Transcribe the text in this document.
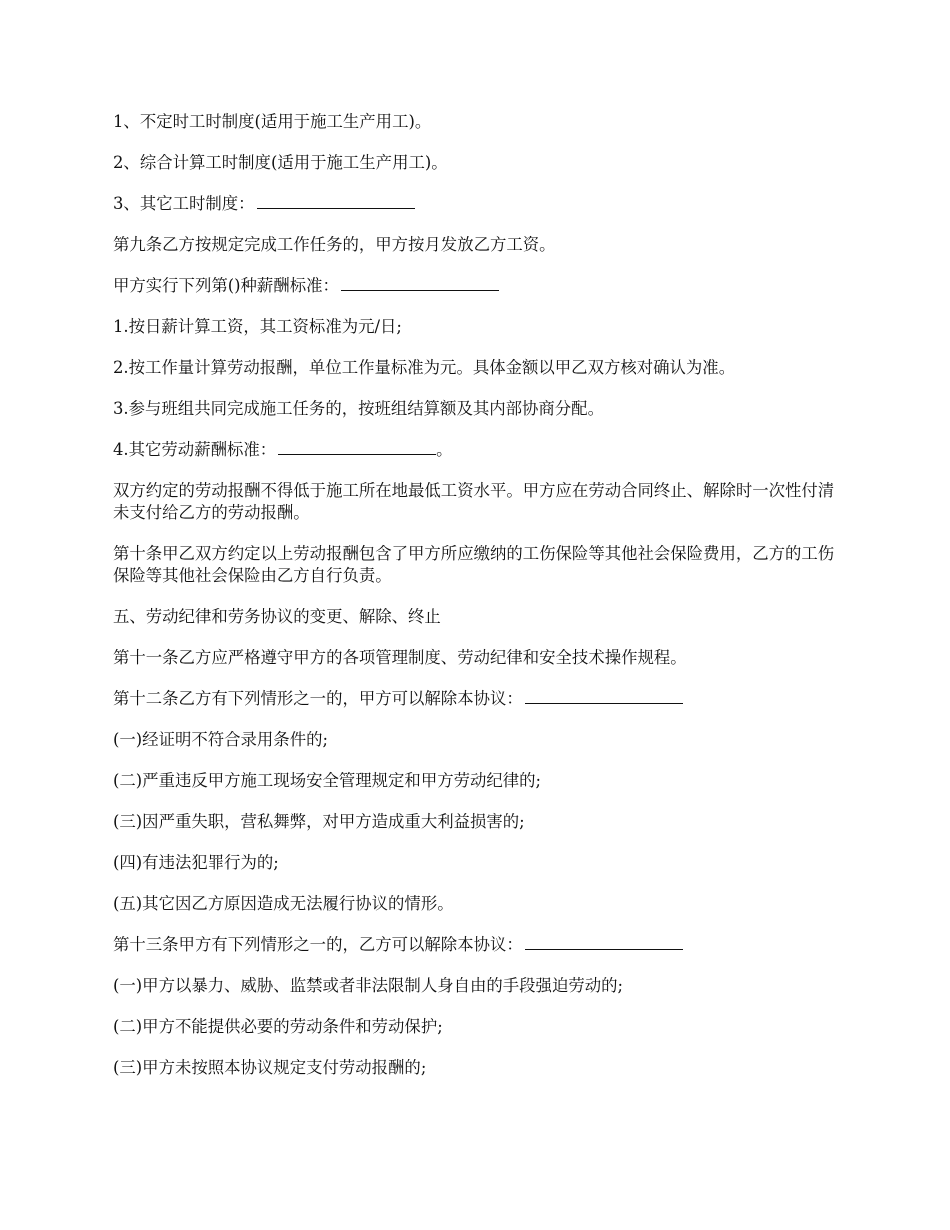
1、不定时工时制度(适用于施工生产用工)。

2、综合计算工时制度(适用于施工生产用工)。

3、其它工时制度：

第九条乙方按规定完成工作任务的，甲方按月发放乙方工资。

甲方实行下列第()种薪酬标准：

1.按日薪计算工资，其工资标准为元/日;

2.按工作量计算劳动报酬，单位工作量标准为元。具体金额以甲乙双方核对确认为准。

3.参与班组共同完成施工任务的，按班组结算额及其内部协商分配。

4.其它劳动薪酬标准：	。

双方约定的劳动报酬不得低于施工所在地最低工资水平。甲方应在劳动合同终止、解除时一次性付清未支付给乙方的劳动报酬。

第十条甲乙双方约定以上劳动报酬包含了甲方所应缴纳的工伤保险等其他社会保险费用，乙方的工伤保险等其他社会保险由乙方自行负责。

五、劳动纪律和劳务协议的变更、解除、终止

第十一条乙方应严格遵守甲方的各项管理制度、劳动纪律和安全技术操作规程。

第十二条乙方有下列情形之一的，甲方可以解除本协议：

(一)经证明不符合录用条件的;

(二)严重违反甲方施工现场安全管理规定和甲方劳动纪律的;

(三)因严重失职，营私舞弊，对甲方造成重大利益损害的;

(四)有违法犯罪行为的;

(五)其它因乙方原因造成无法履行协议的情形。

第十三条甲方有下列情形之一的，乙方可以解除本协议：

(一)甲方以暴力、威胁、监禁或者非法限制人身自由的手段强迫劳动的;

(二)甲方不能提供必要的劳动条件和劳动保护;

(三)甲方未按照本协议规定支付劳动报酬的;
